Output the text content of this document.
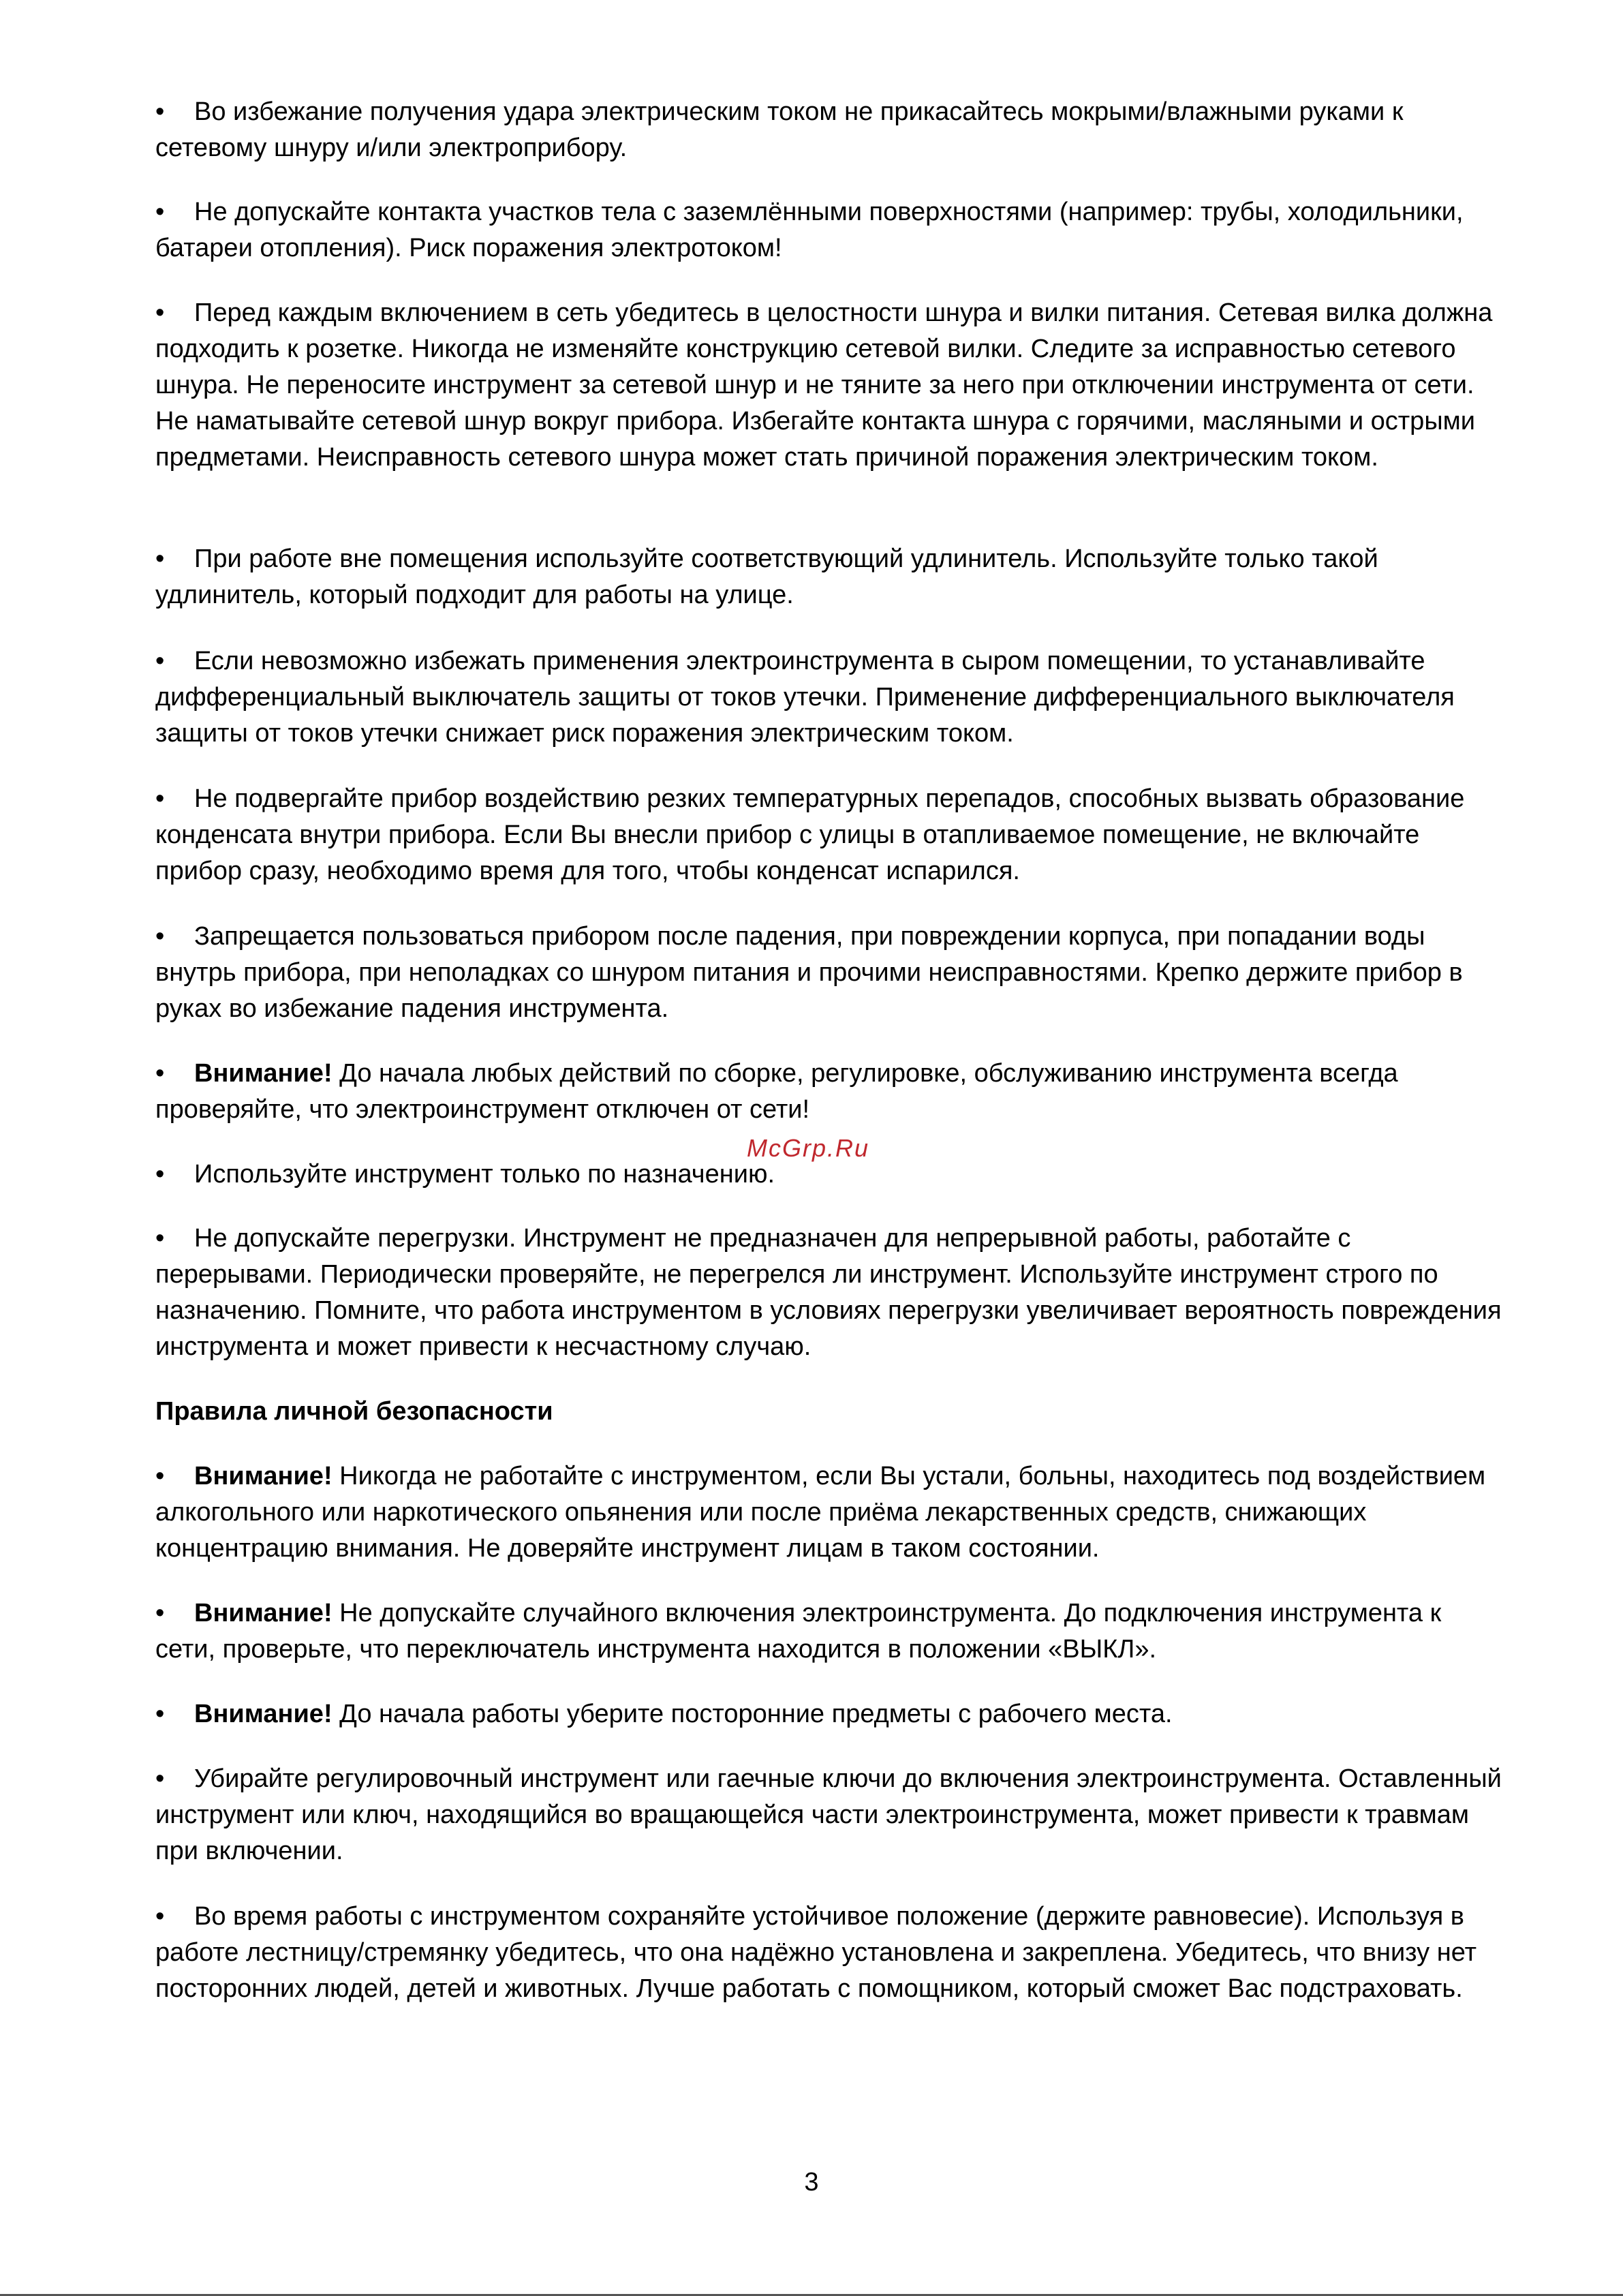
• Во избежание получения удара электрическим током не прикасайтесь мокрыми/влажными руками к сетевому шнуру и/или электроприбору.

• Не допускайте контакта участков тела с заземлёнными поверхностями (например: трубы, холодильники, батареи отопления). Риск поражения электротоком!

• Перед каждым включением в сеть убедитесь в целостности шнура и вилки питания. Сетевая вилка должна подходить к розетке. Никогда не изменяйте конструкцию сетевой вилки. Следите за исправностью сетевого шнура. Не переносите инструмент за сетевой шнур и не тяните за него при отключении инструмента от сети. Не наматывайте сетевой шнур вокруг прибора. Избегайте контакта шнура с горячими, масляными и острыми предметами. Неисправность сетевого шнура может стать причиной поражения электрическим током.

• При работе вне помещения используйте соответствующий удлинитель. Используйте только такой удлинитель, который подходит для работы на улице.

• Если невозможно избежать применения электроинструмента в сыром помещении, то устанавливайте дифференциальный выключатель защиты от токов утечки. Применение дифференциального выключателя защиты от токов утечки снижает риск поражения электрическим током.

• Не подвергайте прибор воздействию резких температурных перепадов, способных вызвать образование конденсата внутри прибора. Если Вы внесли прибор с улицы в отапливаемое помещение, не включайте прибор сразу, необходимо время для того, чтобы конденсат испарился.

• Запрещается пользоваться прибором после падения, при повреждении корпуса, при попадании воды внутрь прибора, при неполадках со шнуром питания и прочими неисправностями. Крепко держите прибор в руках во избежание падения инструмента.

• Внимание! До начала любых действий по сборке, регулировке, обслуживанию инструмента всегда проверяйте, что электроинструмент отключен от сети!

McGrp.Ru

• Используйте инструмент только по назначению.

• Не допускайте перегрузки. Инструмент не предназначен для непрерывной работы, работайте с перерывами. Периодически проверяйте, не перегрелся ли инструмент. Используйте инструмент строго по назначению. Помните, что работа инструментом в условиях перегрузки увеличивает вероятность повреждения инструмента и может привести к несчастному случаю.

Правила личной безопасности

• Внимание! Никогда не работайте с инструментом, если Вы устали, больны, находитесь под воздействием алкогольного или наркотического опьянения или после приёма лекарственных средств, снижающих концентрацию внимания. Не доверяйте инструмент лицам в таком состоянии.

• Внимание! Не допускайте случайного включения электроинструмента. До подключения инструмента к сети, проверьте, что переключатель инструмента находится в положении «ВЫКЛ».

• Внимание! До начала работы уберите посторонние предметы с рабочего места.

• Убирайте регулировочный инструмент или гаечные ключи до включения электроинструмента. Оставленный инструмент или ключ, находящийся во вращающейся части электроинструмента, может привести к травмам при включении.

• Во время работы с инструментом сохраняйте устойчивое положение (держите равновесие). Используя в работе лестницу/стремянку убедитесь, что она надёжно установлена и закреплена. Убедитесь, что внизу нет посторонних людей, детей и животных. Лучше работать с помощником, который сможет Вас подстраховать.

3
